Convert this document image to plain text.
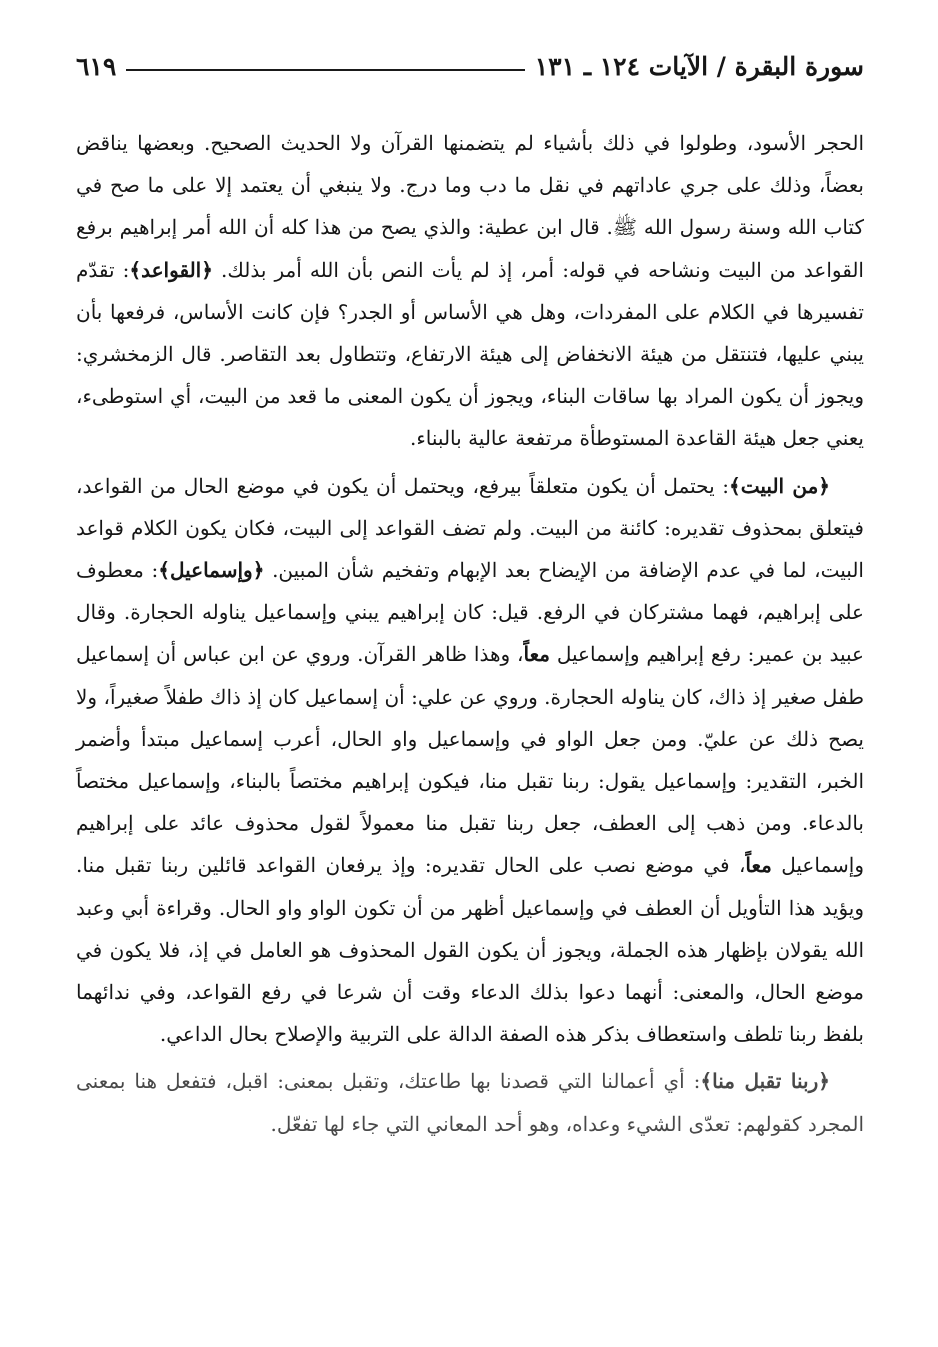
سورة البقرة / الآيات ١٢٤ ـ ١٣١
٦١٩

الحجر الأسود، وطولوا في ذلك بأشياء لم يتضمنها القرآن ولا الحديث الصحيح. وبعضها يناقض بعضاً، وذلك على جري عاداتهم في نقل ما دب وما درج. ولا ينبغي أن يعتمد إلا على ما صح في كتاب الله وسنة رسول الله ﷺ. قال ابن عطية: والذي يصح من هذا كله أن الله أمر إبراهيم برفع القواعد من البيت ونشاحه في قوله: أمر، إذ لم يأت النص بأن الله أمر بذلك. ﴿القواعد﴾: تقدّم تفسيرها في الكلام على المفردات، وهل هي الأساس أو الجدر؟ فإن كانت الأساس، فرفعها بأن يبني عليها، فتنتقل من هيئة الانخفاض إلى هيئة الارتفاع، وتتطاول بعد التقاصر. قال الزمخشري: ويجوز أن يكون المراد بها ساقات البناء، ويجوز أن يكون المعنى ما قعد من البيت، أي استوطىء، يعني جعل هيئة القاعدة المستوطأة مرتفعة عالية بالبناء.

﴿من البيت﴾: يحتمل أن يكون متعلقاً بيرفع، ويحتمل أن يكون في موضع الحال من القواعد، فيتعلق بمحذوف تقديره: كائنة من البيت. ولم تضف القواعد إلى البيت، فكان يكون الكلام قواعد البيت، لما في عدم الإضافة من الإيضاح بعد الإبهام وتفخيم شأن المبين. ﴿وإسماعيل﴾: معطوف على إبراهيم، فهما مشتركان في الرفع. قيل: كان إبراهيم يبني وإسماعيل يناوله الحجارة. وقال عبيد بن عمير: رفع إبراهيم وإسماعيل معاً، وهذا ظاهر القرآن. وروي عن ابن عباس أن إسماعيل طفل صغير إذ ذاك، كان يناوله الحجارة. وروي عن علي: أن إسماعيل كان إذ ذاك طفلاً صغيراً، ولا يصح ذلك عن عليّ. ومن جعل الواو في وإسماعيل واو الحال، أعرب إسماعيل مبتدأ وأضمر الخبر، التقدير: وإسماعيل يقول: ربنا تقبل منا، فيكون إبراهيم مختصاً بالبناء، وإسماعيل مختصاً بالدعاء. ومن ذهب إلى العطف، جعل ربنا تقبل منا معمولاً لقول محذوف عائد على إبراهيم وإسماعيل معاً، في موضع نصب على الحال تقديره: وإذ يرفعان القواعد قائلين ربنا تقبل منا. ويؤيد هذا التأويل أن العطف في وإسماعيل أظهر من أن تكون الواو واو الحال. وقراءة أبي وعبد الله يقولان بإظهار هذه الجملة، ويجوز أن يكون القول المحذوف هو العامل في إذ، فلا يكون في موضع الحال، والمعنى: أنهما دعوا بذلك الدعاء وقت أن شرعا في رفع القواعد، وفي ندائهما بلفظ ربنا تلطف واستعطاف بذكر هذه الصفة الدالة على التربية والإصلاح بحال الداعي.

﴿ربنا تقبل منا﴾: أي أعمالنا التي قصدنا بها طاعتك، وتقبل بمعنى: اقبل، فتفعل هنا بمعنى المجرد كقولهم: تعدّى الشيء وعداه، وهو أحد المعاني التي جاء لها تفعّل.
